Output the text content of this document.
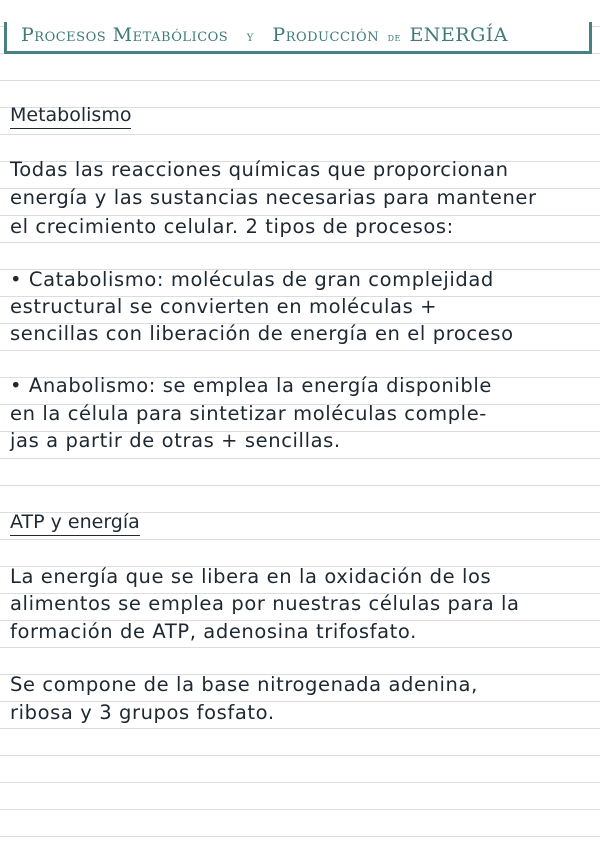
Procesos Metabólicos y Producción de ENERGÍA
Metabolismo
Todas las reacciones químicas que proporcionan
energía y las sustancias necesarias para mantener
el crecimiento celular. 2 tipos de procesos:
• Catabolismo: moléculas de gran complejidad
estructural se convierten en moléculas +
sencillas con liberación de energía en el proceso
• Anabolismo: se emplea la energía disponible
en la célula para sintetizar moléculas comple-
jas a partir de otras + sencillas.
ATP y energía
La energía que se libera en la oxidación de los
alimentos se emplea por nuestras células para la
formación de ATP, adenosina trifosfato.
Se compone de la base nitrogenada adenina,
ribosa y 3 grupos fosfato.
